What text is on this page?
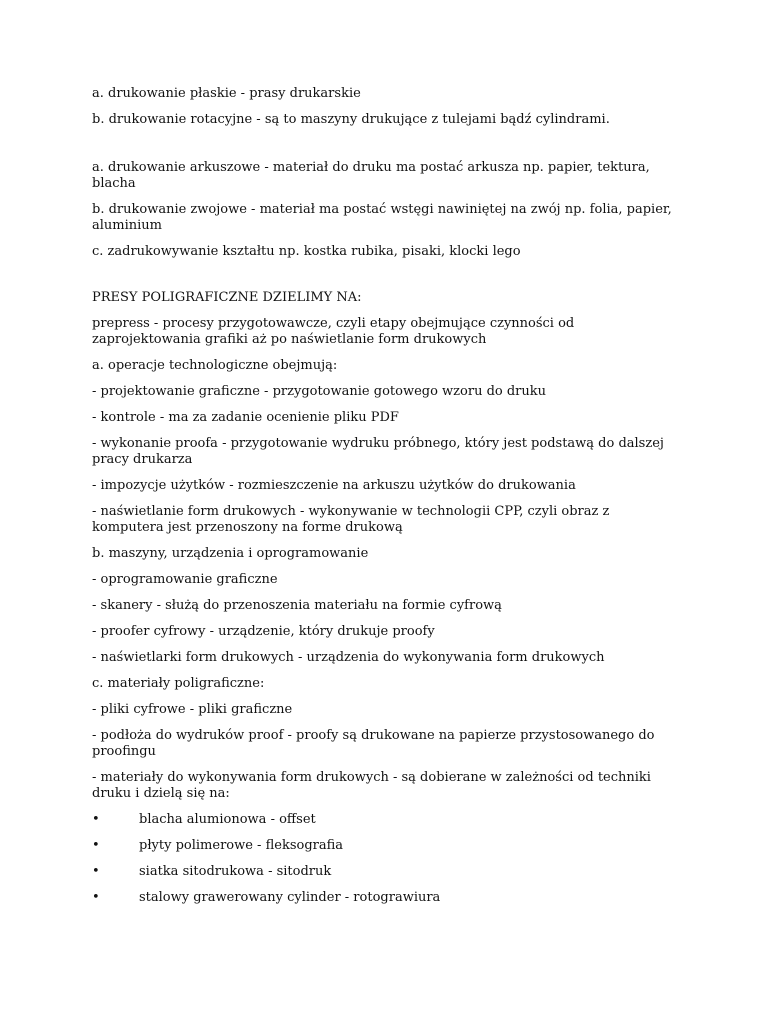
a. drukowanie płaskie - prasy drukarskie

b. drukowanie rotacyjne - są to maszyny drukujące z tulejami bądź cylindrami.

a. drukowanie arkuszowe - materiał do druku ma postać arkusza np. papier, tektura, blacha

b. drukowanie zwojowe - materiał ma postać wstęgi nawiniętej na zwój np. folia, papier, aluminium

c. zadrukowywanie kształtu np. kostka rubika, pisaki, klocki lego

PRESY POLIGRAFICZNE DZIELIMY NA:

prepress - procesy przygotowawcze, czyli etapy obejmujące czynności od zaprojektowania grafiki aż po naświetlanie form drukowych

a. operacje technologiczne obejmują:

- projektowanie graficzne - przygotowanie gotowego wzoru do druku

- kontrole - ma za zadanie ocenienie pliku PDF

- wykonanie proofa - przygotowanie wydruku próbnego, który jest podstawą do dalszej pracy drukarza

- impozycje użytków - rozmieszczenie na arkuszu użytków do drukowania

- naświetlanie form drukowych - wykonywanie w technologii CPP, czyli obraz z komputera jest przenoszony na forme drukową

b. maszyny, urządzenia i oprogramowanie

- oprogramowanie graficzne

- skanery - służą do przenoszenia materiału na formie cyfrową

- proofer cyfrowy - urządzenie, który drukuje proofy

- naświetlarki form drukowych - urządzenia do wykonywania form drukowych

c. materiały poligraficzne:

- pliki cyfrowe - pliki graficzne

- podłoża do wydruków proof - proofy są drukowane na papierze przystosowanego do proofingu

- materiały do wykonywania form drukowych - są dobierane w zależności od techniki druku i dzielą się na:

•	blacha alumionowa - offset
•	płyty polimerowe - fleksografia
•	siatka sitodrukowa - sitodruk
•	stalowy grawerowany cylinder - rotograwiura
